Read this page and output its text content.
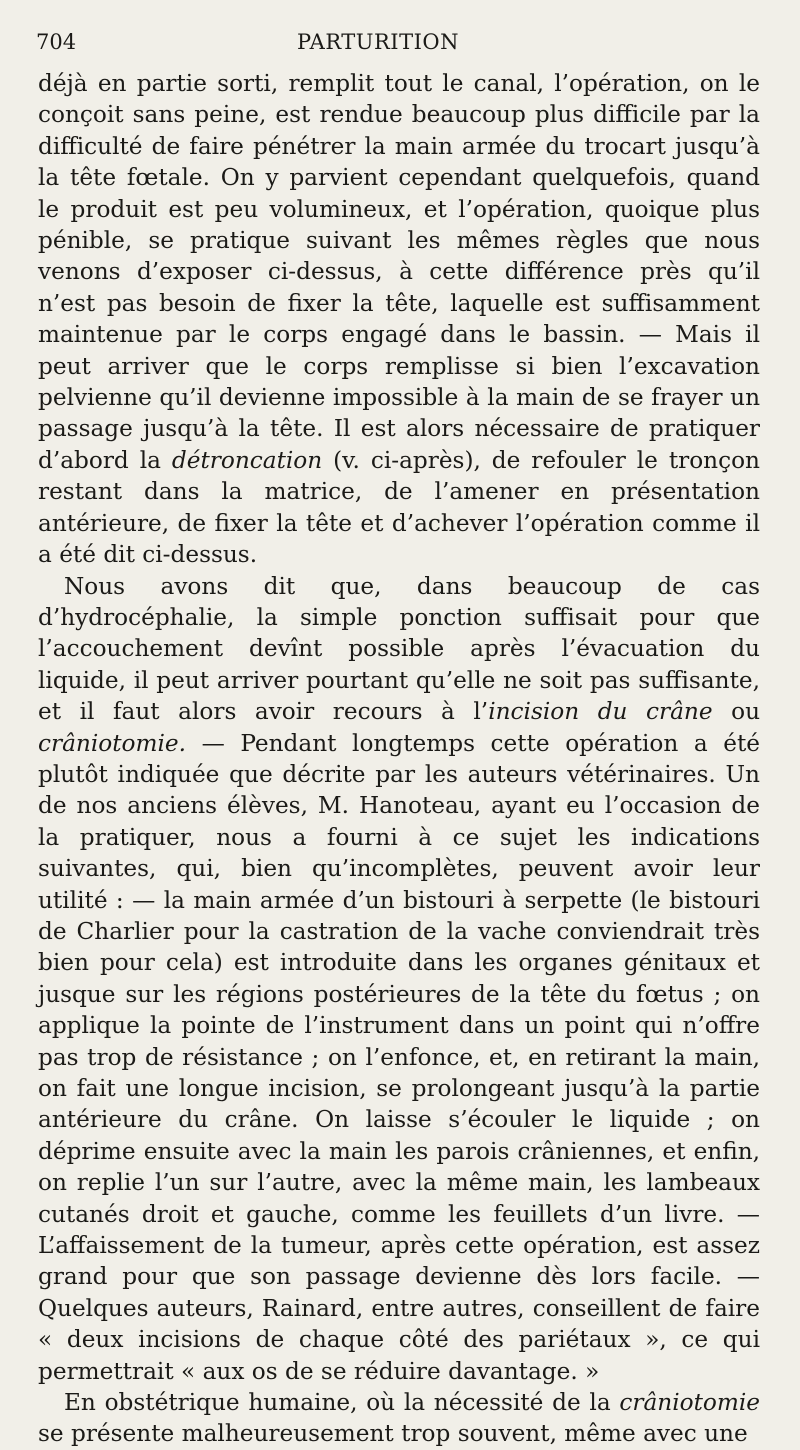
704	PARTURITION

déjà en partie sorti, remplit tout le canal, l’opération, on le conçoit sans peine, est rendue beaucoup plus difficile par la difficulté de faire pénétrer la main armée du trocart jusqu’à la tête fœtale. On y parvient cependant quelquefois, quand le produit est peu volumineux, et l’opération, quoique plus pénible, se pratique suivant les mêmes règles que nous venons d’exposer ci-dessus, à cette différence près qu’il n’est pas besoin de fixer la tête, laquelle est suffisamment maintenue par le corps engagé dans le bassin. — Mais il peut arriver que le corps remplisse si bien l’excavation pelvienne qu’il devienne impossible à la main de se frayer un passage jusqu’à la tête. Il est alors nécessaire de pratiquer d’abord la détroncation (v. ci-après), de refouler le tronçon restant dans la matrice, de l’amener en présentation antérieure, de fixer la tête et d’achever l’opération comme il a été dit ci-dessus.

Nous avons dit que, dans beaucoup de cas d’hydrocéphalie, la simple ponction suffisait pour que l’accouchement devînt possible après l’évacuation du liquide, il peut arriver pourtant qu’elle ne soit pas suffisante, et il faut alors avoir recours à l’incision du crâne ou crâniotomie. — Pendant longtemps cette opération a été plutôt indiquée que décrite par les auteurs vétérinaires. Un de nos anciens élèves, M. Hanoteau, ayant eu l’occasion de la pratiquer, nous a fourni à ce sujet les indications suivantes, qui, bien qu’incomplètes, peuvent avoir leur utilité : — la main armée d’un bistouri à serpette (le bistouri de Charlier pour la castration de la vache conviendrait très bien pour cela) est introduite dans les organes génitaux et jusque sur les régions postérieures de la tête du fœtus ; on applique la pointe de l’instrument dans un point qui n’offre pas trop de résistance ; on l’enfonce, et, en retirant la main, on fait une longue incision, se prolongeant jusqu’à la partie antérieure du crâne. On laisse s’écouler le liquide ; on déprime ensuite avec la main les parois crâniennes, et enfin, on replie l’un sur l’autre, avec la même main, les lambeaux cutanés droit et gauche, comme les feuillets d’un livre. — L’affaissement de la tumeur, après cette opération, est assez grand pour que son passage devienne dès lors facile. — Quelques auteurs, Rainard, entre autres, conseillent de faire « deux incisions de chaque côté des pariétaux », ce qui permettrait « aux os de se réduire davantage. »

En obstétrique humaine, où la nécessité de la crâniotomie se présente malheureusement trop souvent, même avec une
